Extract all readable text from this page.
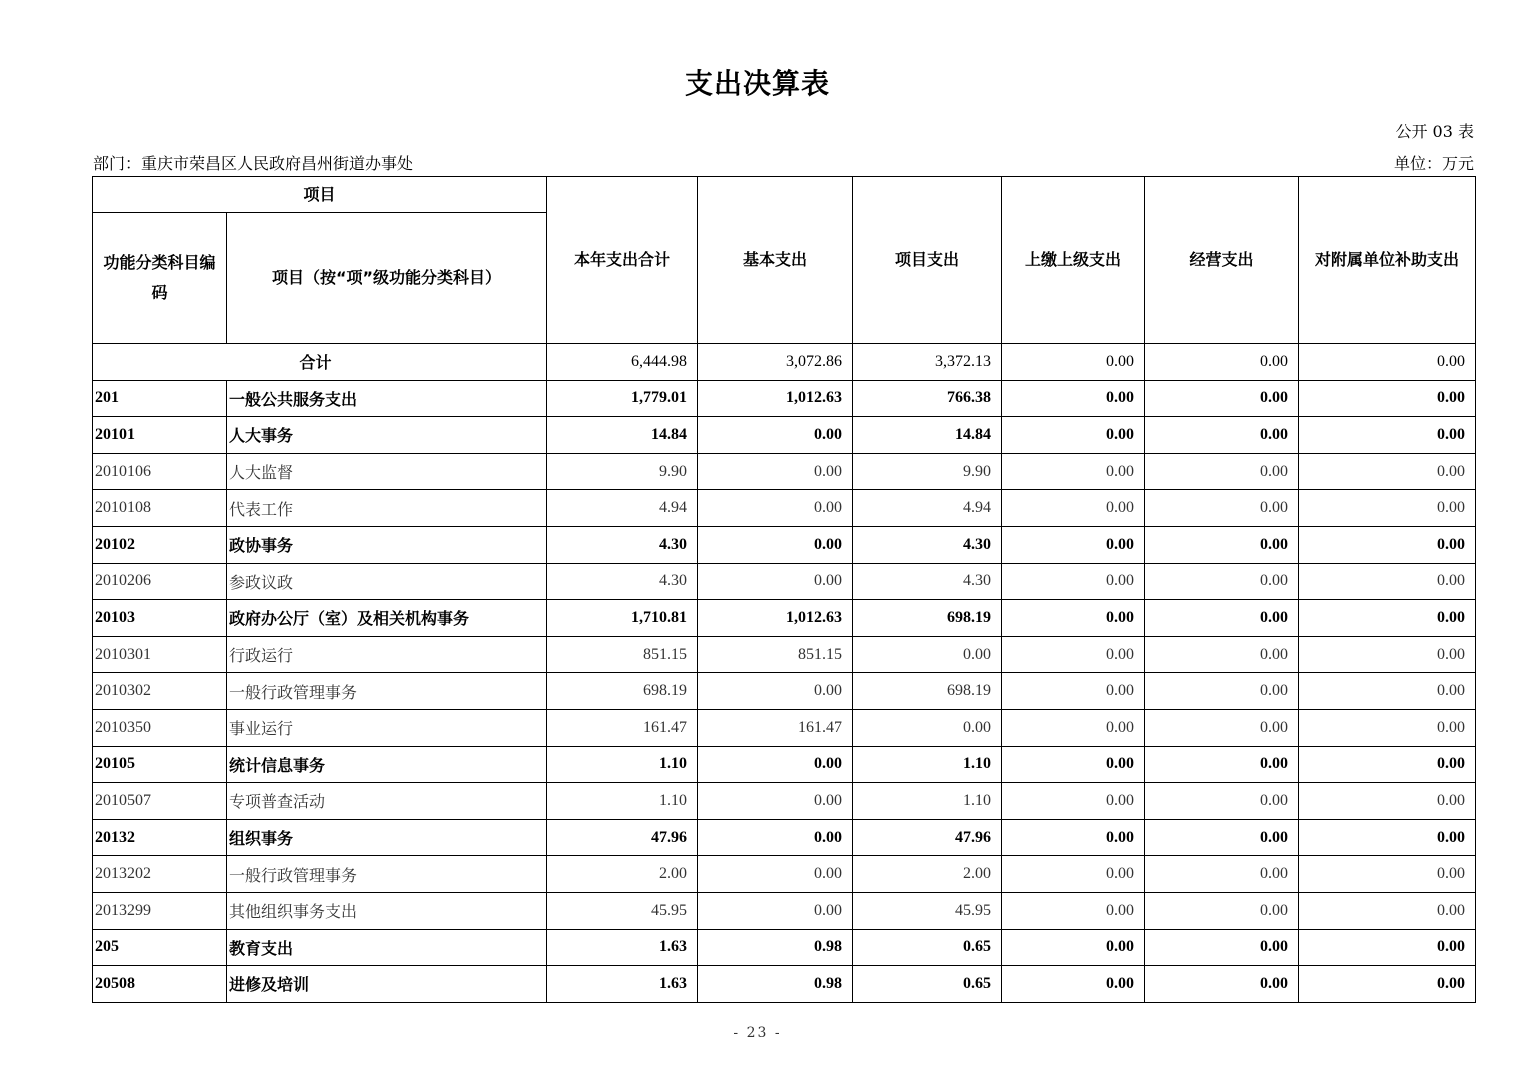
支出决算表
公开 03 表
部门：重庆市荣昌区人民政府昌州街道办事处	单位：万元
项目		本年支出合计	基本支出	项目支出	上缴上级支出	经营支出	对附属单位补助支出
功能分类科目编码	项目（按“项”级功能分类科目）						
合计		6,444.98	3,072.86	3,372.13	0.00	0.00	0.00
201	一般公共服务支出	1,779.01	1,012.63	766.38	0.00	0.00	0.00
20101	人大事务	14.84	0.00	14.84	0.00	0.00	0.00
2010106	人大监督	9.90	0.00	9.90	0.00	0.00	0.00
2010108	代表工作	4.94	0.00	4.94	0.00	0.00	0.00
20102	政协事务	4.30	0.00	4.30	0.00	0.00	0.00
2010206	参政议政	4.30	0.00	4.30	0.00	0.00	0.00
20103	政府办公厅（室）及相关机构事务	1,710.81	1,012.63	698.19	0.00	0.00	0.00
2010301	行政运行	851.15	851.15	0.00	0.00	0.00	0.00
2010302	一般行政管理事务	698.19	0.00	698.19	0.00	0.00	0.00
2010350	事业运行	161.47	161.47	0.00	0.00	0.00	0.00
20105	统计信息事务	1.10	0.00	1.10	0.00	0.00	0.00
2010507	专项普查活动	1.10	0.00	1.10	0.00	0.00	0.00
20132	组织事务	47.96	0.00	47.96	0.00	0.00	0.00
2013202	一般行政管理事务	2.00	0.00	2.00	0.00	0.00	0.00
2013299	其他组织事务支出	45.95	0.00	45.95	0.00	0.00	0.00
205	教育支出	1.63	0.98	0.65	0.00	0.00	0.00
20508	进修及培训	1.63	0.98	0.65	0.00	0.00	0.00
- 23 -
